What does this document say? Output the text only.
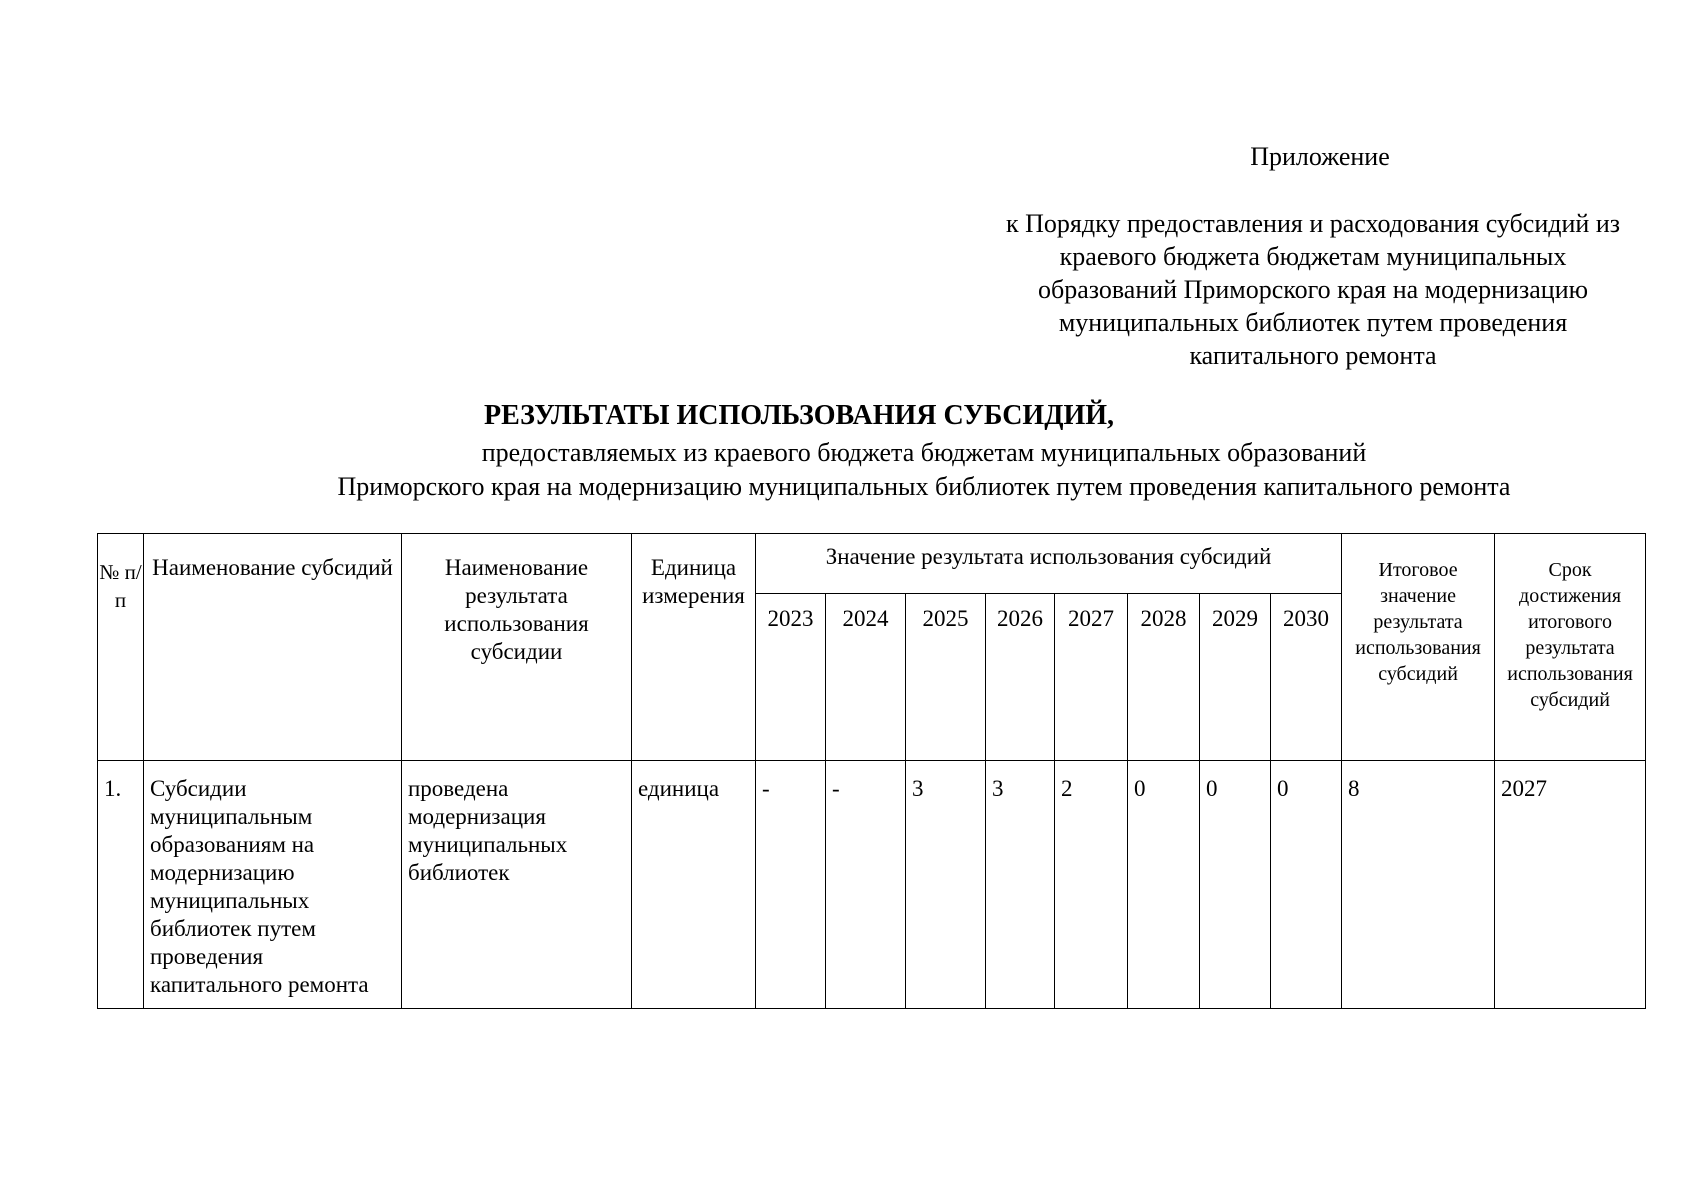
Приложение
к Порядку предоставления и расходования субсидий из краевого бюджета бюджетам муниципальных образований Приморского края на модернизацию муниципальных библиотек путем проведения капитального ремонта
РЕЗУЛЬТАТЫ ИСПОЛЬЗОВАНИЯ СУБСИДИЙ,
предоставляемых из краевого бюджета бюджетам муниципальных образований
Приморского края на модернизацию муниципальных библиотек путем проведения капитального ремонта
№ п/п	Наименование субсидий	Наименование результата использования субсидии	Единица измерения	Значение результата использования субсидий								Итоговое значение результата использования субсидий	Срок достижения итогового результата использования субсидий
				2023	2024	2025	2026	2027	2028	2029	2030		
1.	Субсидии муниципальным образованиям на модернизацию муниципальных библиотек путем проведения капитального ремонта	проведена модернизация муниципальных библиотек	единица	-	-	3	3	2	0	0	0	8	2027
